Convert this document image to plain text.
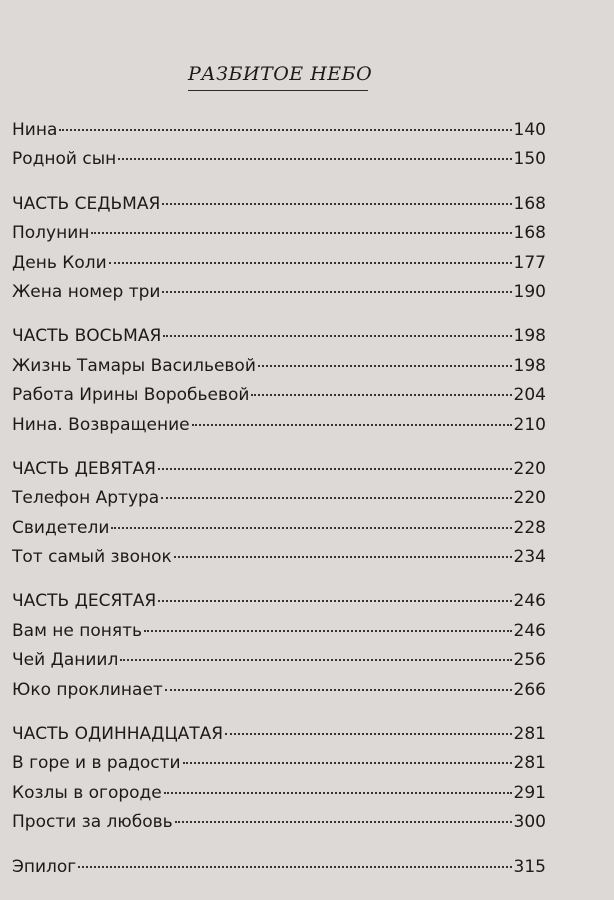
РАЗБИТОЕ НЕБО
Нина	140
Родной сын	150
ЧАСТЬ СЕДЬМАЯ	168
Полунин	168
День Коли	177
Жена номер три	190
ЧАСТЬ ВОСЬМАЯ	198
Жизнь Тамары Васильевой	198
Работа Ирины Воробьевой	204
Нина. Возвращение	210
ЧАСТЬ ДЕВЯТАЯ	220
Телефон Артура	220
Свидетели	228
Тот самый звонок	234
ЧАСТЬ ДЕСЯТАЯ	246
Вам не понять	246
Чей Даниил	256
Юко проклинает	266
ЧАСТЬ ОДИННАДЦАТАЯ	281
В горе и в радости	281
Козлы в огороде	291
Прости за любовь	300
Эпилог	315
